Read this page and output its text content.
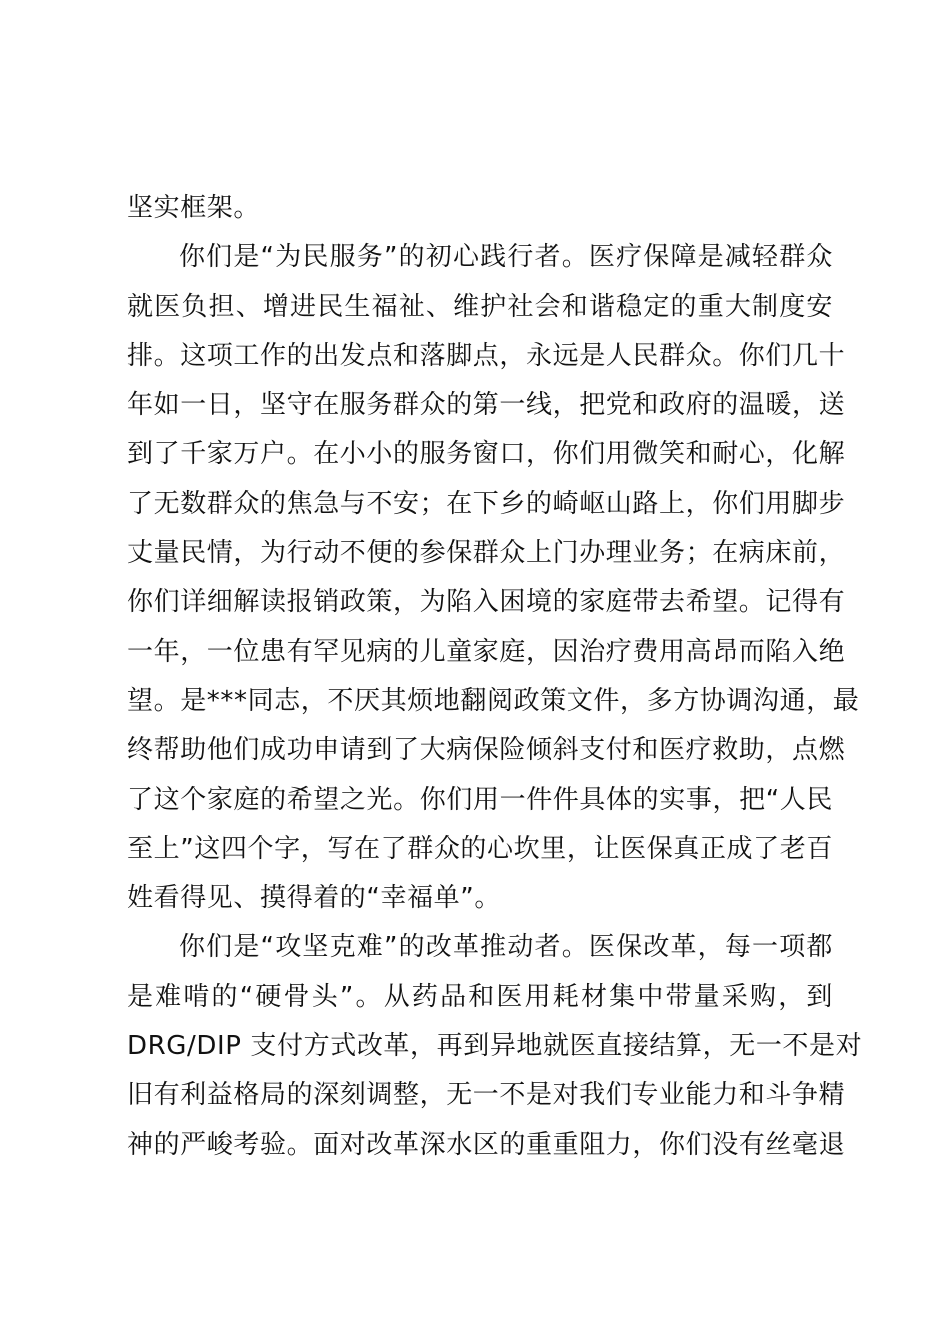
坚实框架。
你们是“为民服务”的初心践行者。医疗保障是减轻群众
就医负担、增进民生福祉、维护社会和谐稳定的重大制度安
排。这项工作的出发点和落脚点，永远是人民群众。你们几十
年如一日，坚守在服务群众的第一线，把党和政府的温暖，送
到了千家万户。在小小的服务窗口，你们用微笑和耐心，化解
了无数群众的焦急与不安；在下乡的崎岖山路上，你们用脚步
丈量民情，为行动不便的参保群众上门办理业务；在病床前，
你们详细解读报销政策，为陷入困境的家庭带去希望。记得有
一年，一位患有罕见病的儿童家庭，因治疗费用高昂而陷入绝
望。是***同志，不厌其烦地翻阅政策文件，多方协调沟通，最
终帮助他们成功申请到了大病保险倾斜支付和医疗救助，点燃
了这个家庭的希望之光。你们用一件件具体的实事，把“人民
至上”这四个字，写在了群众的心坎里，让医保真正成了老百
姓看得见、摸得着的“幸福单”。
你们是“攻坚克难”的改革推动者。医保改革，每一项都
是难啃的“硬骨头”。从药品和医用耗材集中带量采购，到
DRG/DIP 支付方式改革，再到异地就医直接结算，无一不是对
旧有利益格局的深刻调整，无一不是对我们专业能力和斗争精
神的严峻考验。面对改革深水区的重重阻力，你们没有丝毫退
